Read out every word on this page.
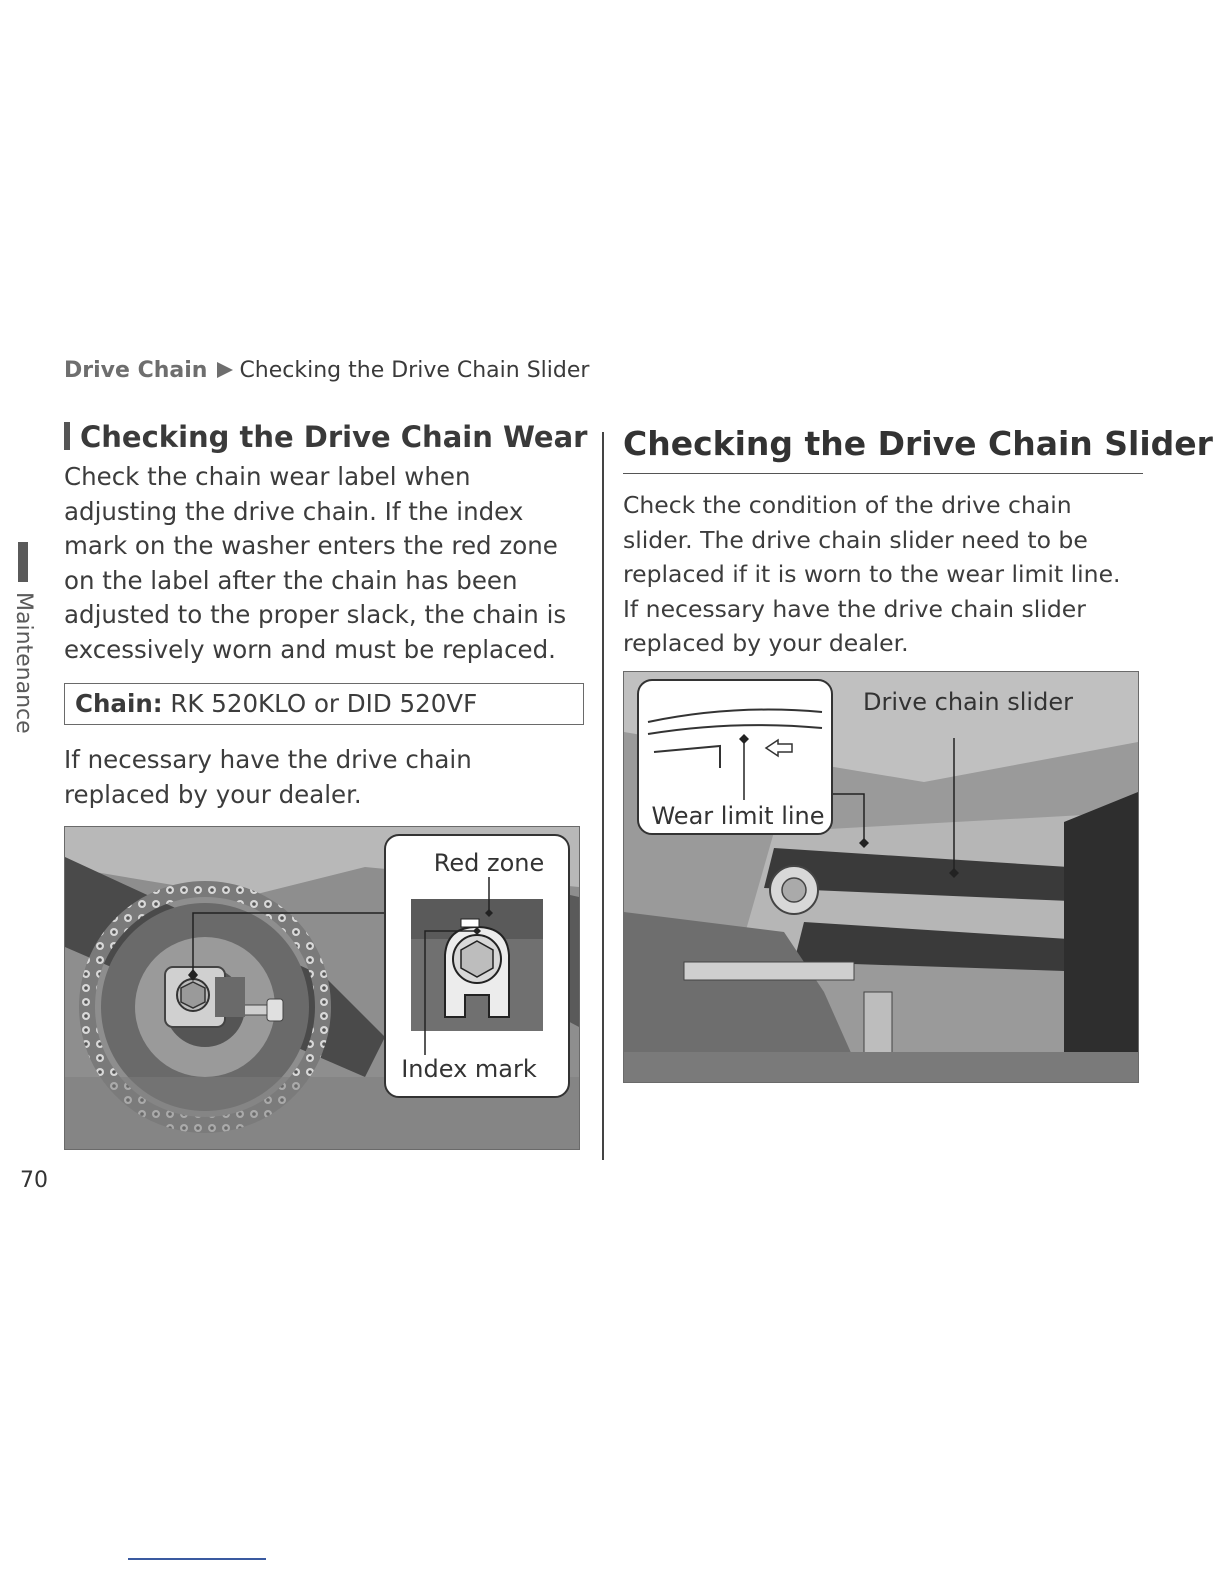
Drive Chain Checking the Drive Chain Slider
Maintenance
Checking the Drive Chain Wear

Check the chain wear label when adjusting the drive chain. If the index mark on the washer enters the red zone on the label after the chain has been adjusted to the proper slack, the chain is excessively worn and must be replaced.

Chain: RK 520KLO or DID 520VF

If necessary have the drive chain replaced by your dealer.

Red zone
Index mark
Checking the Drive Chain Slider

Check the condition of the drive chain slider. The drive chain slider need to be replaced if it is worn to the wear limit line.

If necessary have the drive chain slider replaced by your dealer.

Drive chain slider
Wear limit line
70
